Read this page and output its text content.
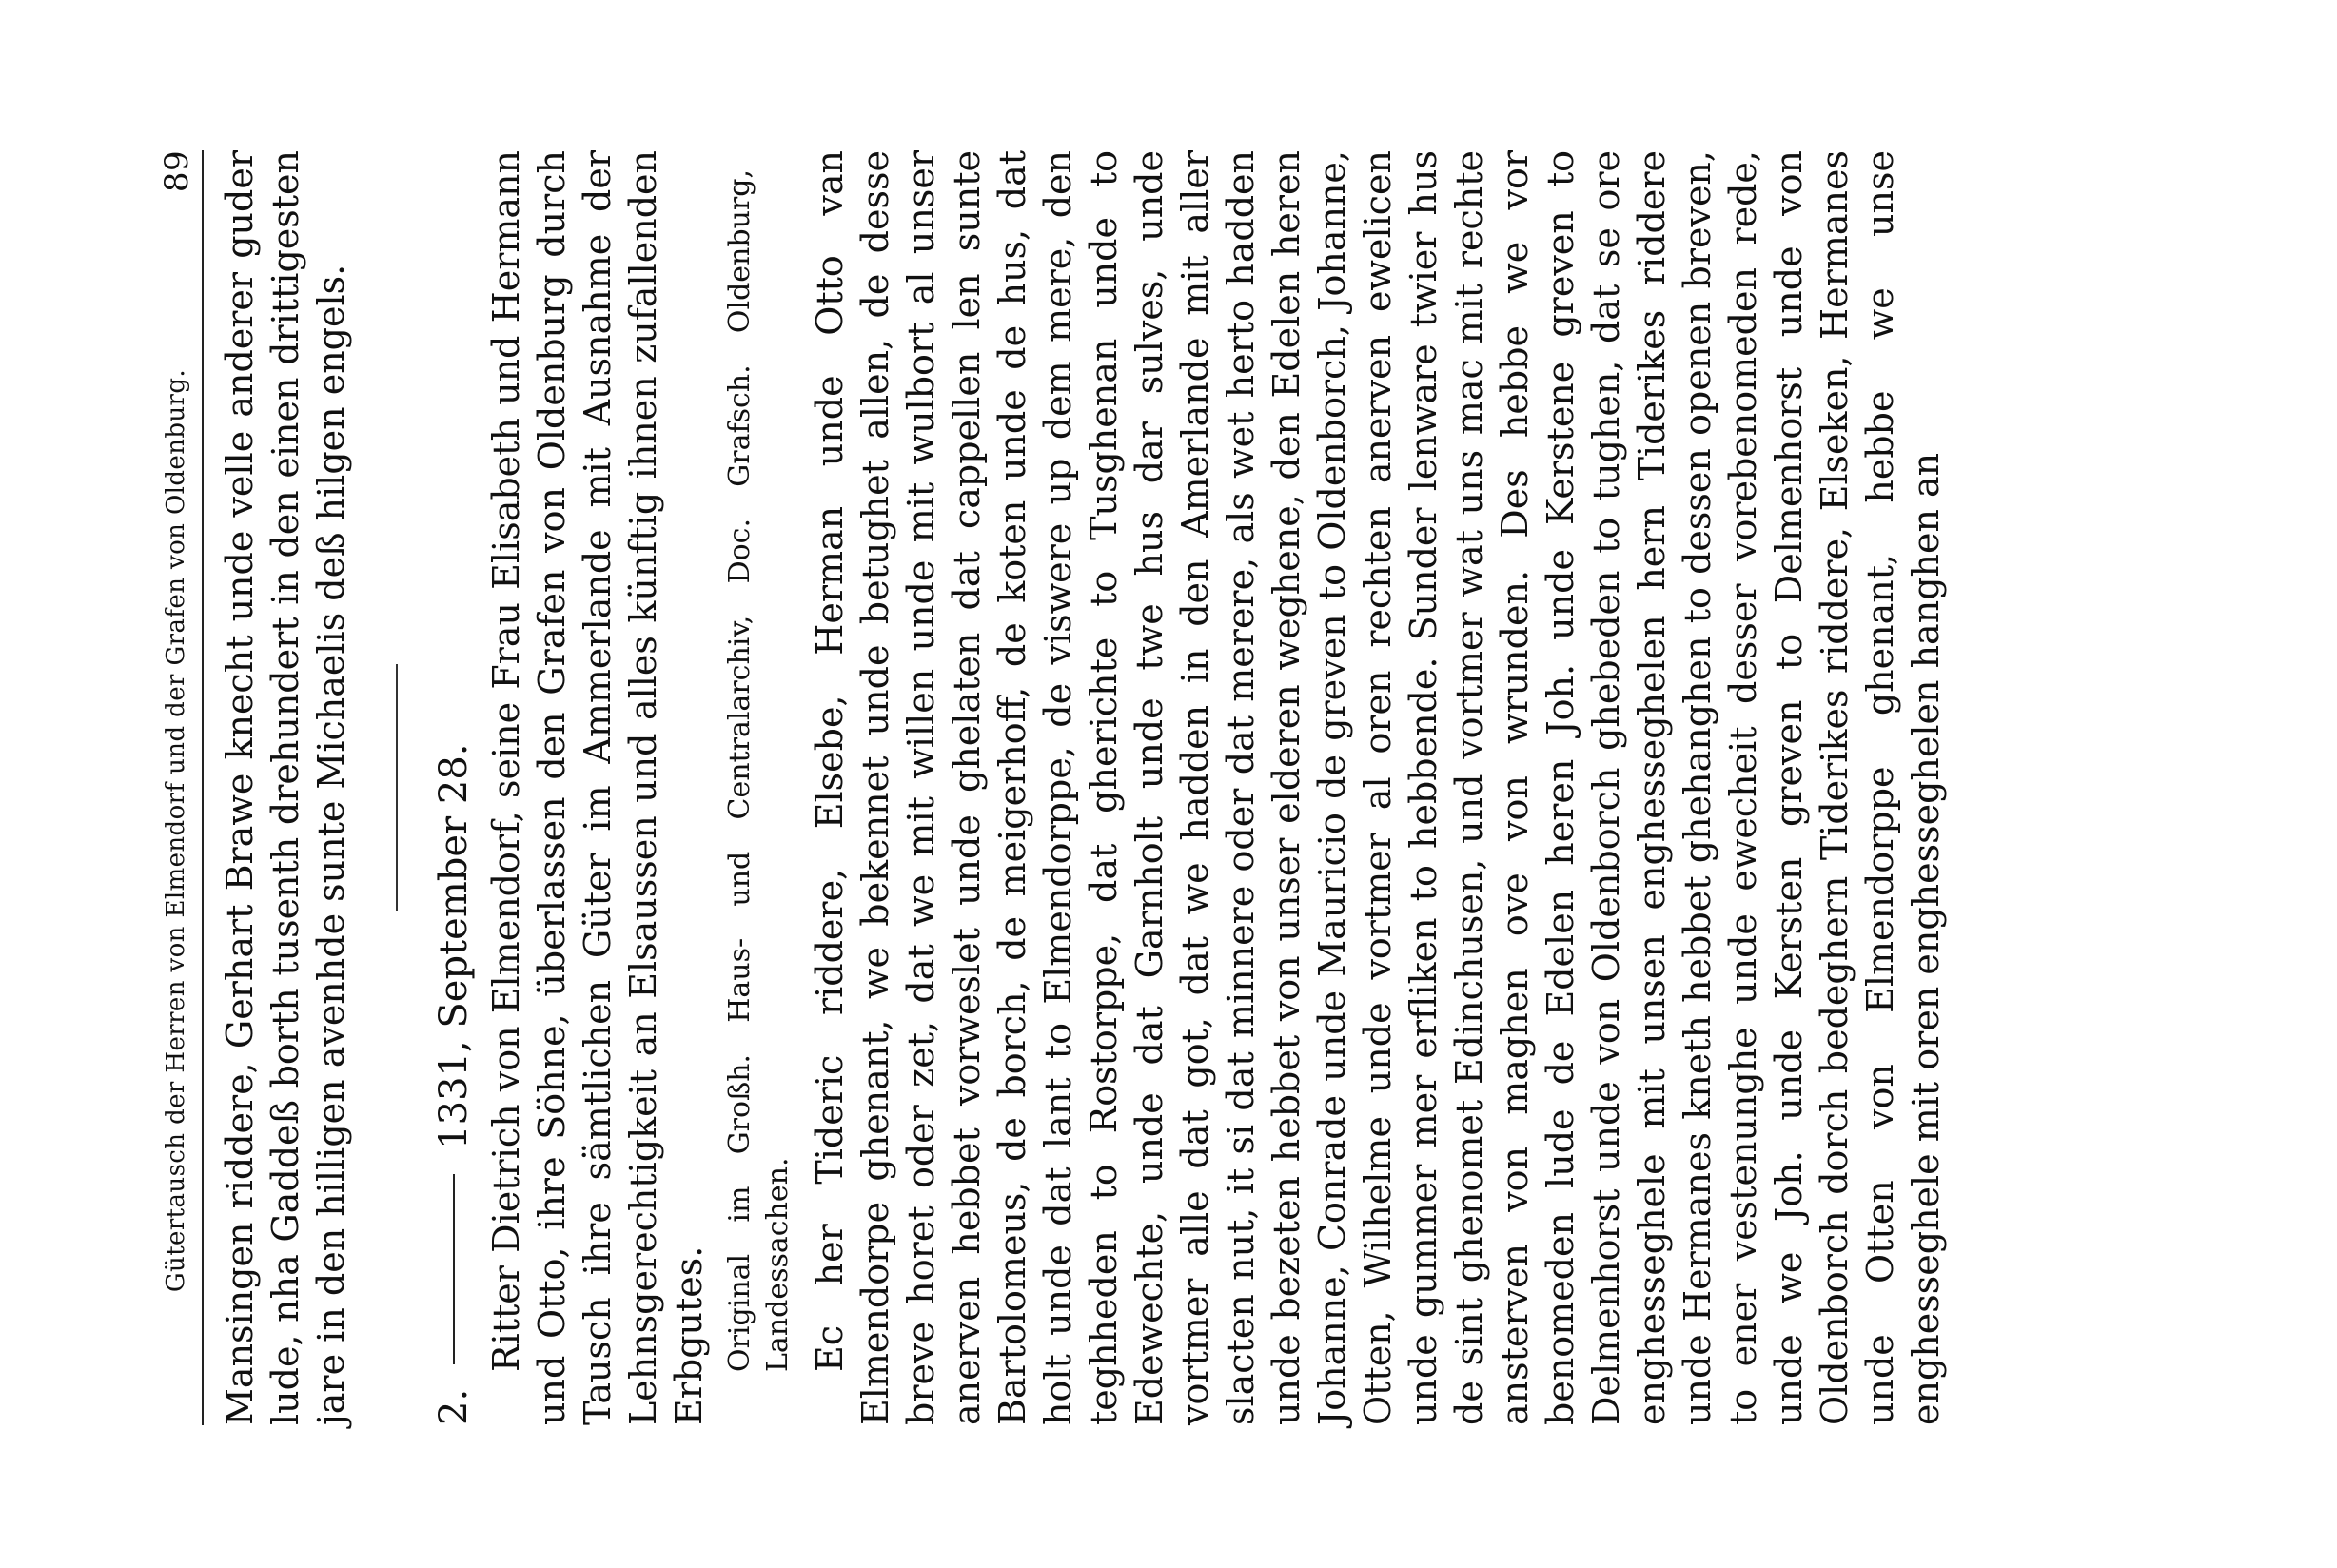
Gütertausch der Herren von Elmendorf und der Grafen von Oldenburg.
89 Mansingen riddere, Gerhart Brawe knecht unde velle anderer guder lude, nha Gaddeß borth tusenth drehundert in den einen drittigesten jare in den hilligen avenhde sunte Michaelis deß hilgen engels. 2.
1331, September 28. Ritter Dietrich von Elmendorf, seine Frau Elisabeth und Hermann und Otto, ihre Söhne, überlassen den Grafen von Oldenburg durch Tausch ihre sämtlichen Güter im Ammerlande mit Ausnahme der Lehnsgerechtigkeit an Elsaussen und alles künftig ihnen zufallenden Erbgutes. Original im Großh. Haus- und Centralarchiv, Doc. Grafsch. Oldenburg, Landessachen. Ec her Tideric riddere, Elsebe, Herman unde Otto van Elmendorpe ghenant, we bekennet unde betughet allen, de desse breve horet oder zet, dat we mit willen unde mit wulbort al unser anerven hebbet vorweslet unde ghelaten dat cappellen len sunte Bartolomeus, de borch, de meigerhoff, de koten unde de hus, dat holt unde dat lant to Elmendorppe, de viswere up dem mere, den teghheden to Rostorppe, dat gherichte to Tusghenan unde to Edewechte, unde dat Garnholt unde twe hus dar sulves, unde vortmer alle dat got, dat we hadden in den Amerlande mit aller slacten nut, it si dat minnere oder dat merere, als wet herto hadden unde bezeten hebbet von unser elderen weghene, den Edelen heren Johanne, Conrade unde Mauricio de greven to Oldenborch, Johanne, Otten, Wilhelme unde vortmer al oren rechten anerven ewelicen unde gummer mer erfliken to hebbende. Sunder lenware twier hus de sint ghenomet Edinchusen, und vortmer wat uns mac mit rechte ansterven von maghen ove von wrunden. Des hebbe we vor benomeden lude de Edelen heren Joh. unde Kerstene greven to Delmenhorst unde von Oldenborch ghebeden to tughen, dat se ore enghesseghele mit unsen enghesseghelen hern Tiderikes riddere unde Hermanes kneth hebbet ghehanghen to dessen openen breven, to ener vestenunghe unde ewecheit desser vorebenomeden rede, unde we Joh. unde Kersten greven to Delmenhorst unde von Oldenborch dorch bedeghern Tiderikes riddere, Elseken, Hermanes unde Otten von Elmendorppe ghenant, hebbe we unse enghesseghele mit oren enghesseghelen hanghen an
